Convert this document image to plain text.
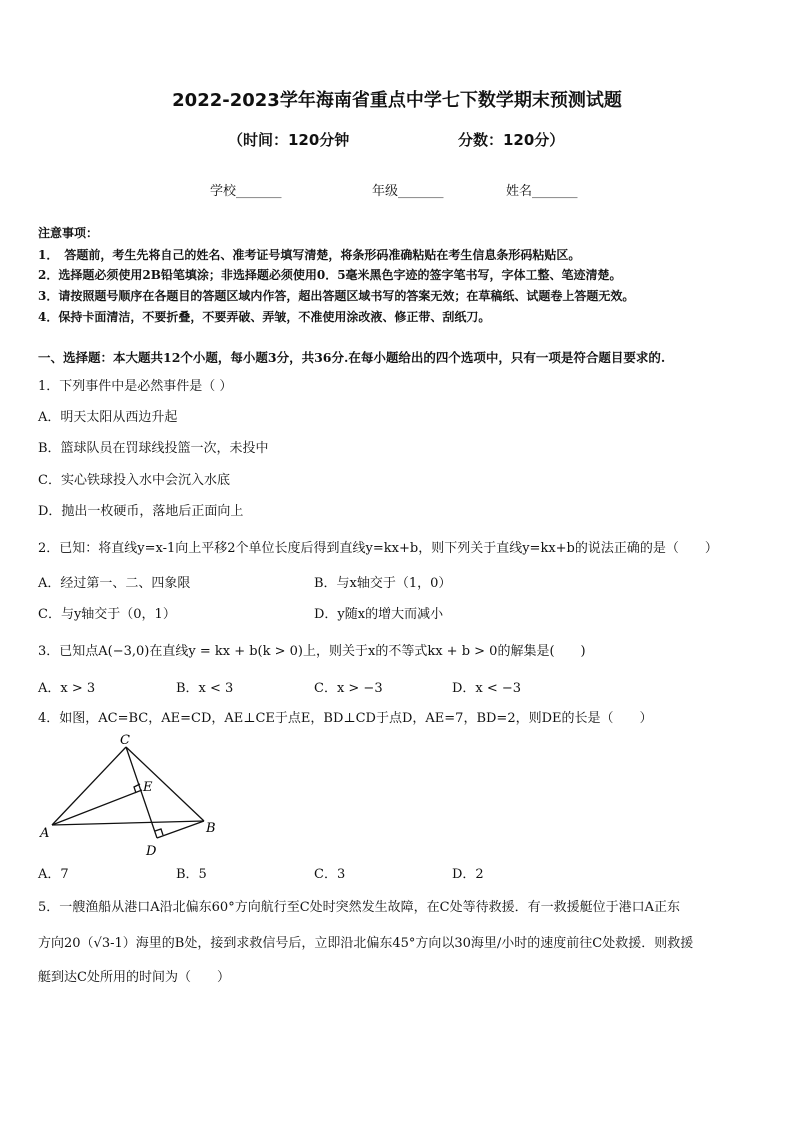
2022-2023学年海南省重点中学七下数学期末预测试题
（时间：120分钟	分数：120分）
学校_______	年级_______	姓名_______
注意事项：
1．　答题前，考生先将自己的姓名、准考证号填写清楚，将条形码准确粘贴在考生信息条形码粘贴区。
2．选择题必须使用2B铅笔填涂；非选择题必须使用0．5毫米黑色字迹的签字笔书写，字体工整、笔迹清楚。
3．请按照题号顺序在各题目的答题区域内作答，超出答题区域书写的答案无效；在草稿纸、试题卷上答题无效。
4．保持卡面清洁，不要折叠，不要弄破、弄皱，不准使用涂改液、修正带、刮纸刀。
一、选择题：本大题共12个小题，每小题3分，共36分.在每小题给出的四个选项中，只有一项是符合题目要求的.
1．下列事件中是必然事件是（ ）
A．明天太阳从西边升起
B．篮球队员在罚球线投篮一次，未投中
C．实心铁球投入水中会沉入水底
D．抛出一枚硬币，落地后正面向上
2．已知：将直线y=x-1向上平移2个单位长度后得到直线y=kx+b，则下列关于直线y=kx+b的说法正确的是（　　）
A．经过第一、二、四象限	B．与x轴交于（1，0）
C．与y轴交于（0，1）	D．y随x的增大而减小
3．已知点A(−3,0)在直线y = kx + b(k > 0)上，则关于x的不等式kx + b > 0的解集是(　　)
A．x > 3	B．x < 3	C．x > −3	D．x < −3
4．如图，AC=BC，AE=CD，AE⊥CE于点E，BD⊥CD于点D，AE=7，BD=2，则DE的长是（　　）
C
E
A	B
D
A．7	B．5	C．3	D．2
5．一艘渔船从港口A沿北偏东60°方向航行至C处时突然发生故障，在C处等待救援．有一救援艇位于港口A正东
方向20（√3-1）海里的B处，接到求救信号后，立即沿北偏东45°方向以30海里/小时的速度前往C处救援．则救援
艇到达C处所用的时间为（　　）
